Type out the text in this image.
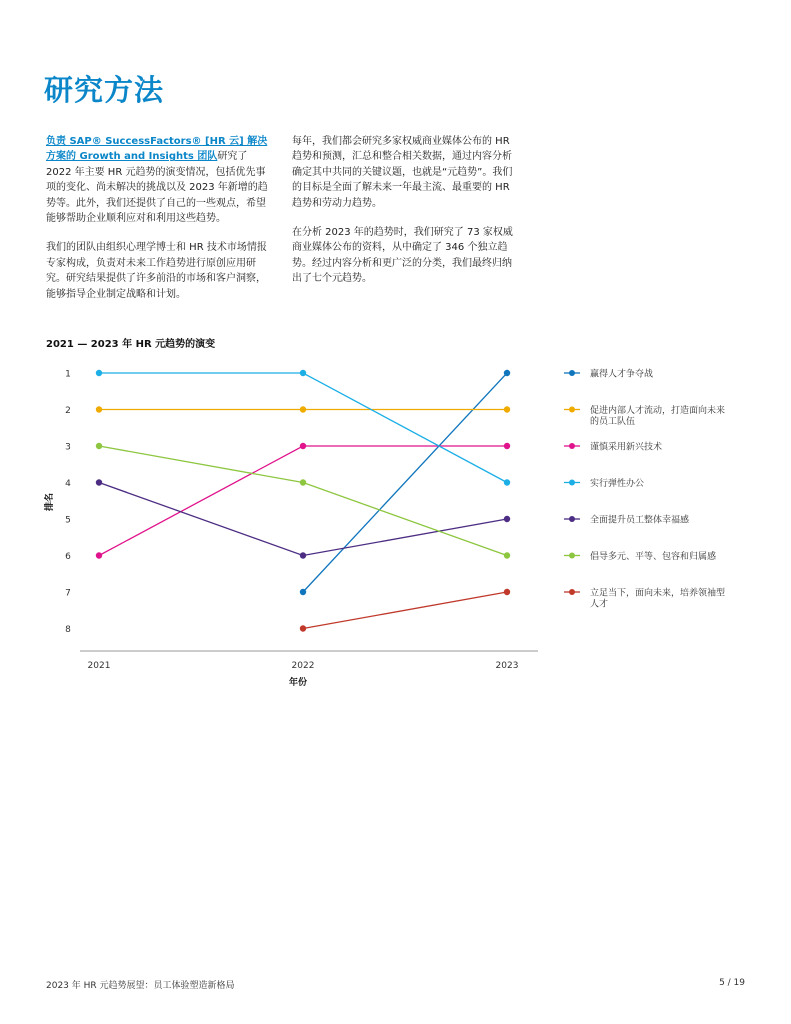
研究方法

负责 SAP® SuccessFactors® [HR 云] 解决方案的 Growth and Insights 团队研究了 2022 年主要 HR 元趋势的演变情况，包括优先事项的变化、尚未解决的挑战以及 2023 年新增的趋势等。此外，我们还提供了自己的一些观点，希望能够帮助企业顺利应对和利用这些趋势。

我们的团队由组织心理学博士和 HR 技术市场情报专家构成，负责对未来工作趋势进行原创应用研究。研究结果提供了许多前沿的市场和客户洞察，能够指导企业制定战略和计划。

每年，我们都会研究多家权威商业媒体公布的 HR 趋势和预测，汇总和整合相关数据，通过内容分析确定其中共同的关键议题，也就是“元趋势”。我们的目标是全面了解未来一年最主流、最重要的 HR 趋势和劳动力趋势。

在分析 2023 年的趋势时，我们研究了 73 家权威商业媒体公布的资料，从中确定了 346 个独立趋势。经过内容分析和更广泛的分类，我们最终归纳出了七个元趋势。

2021 — 2023 年 HR 元趋势的演变
1
2
3
4
5
6
7
8
2021	2022	2023
年份
排名
赢得人才争夺战
促进内部人才流动，打造面向未来的员工队伍
谨慎采用新兴技术
实行弹性办公
全面提升员工整体幸福感
倡导多元、平等、包容和归属感
立足当下，面向未来，培养领袖型人才
2023 年 HR 元趋势展望：员工体验塑造新格局	5 / 19
